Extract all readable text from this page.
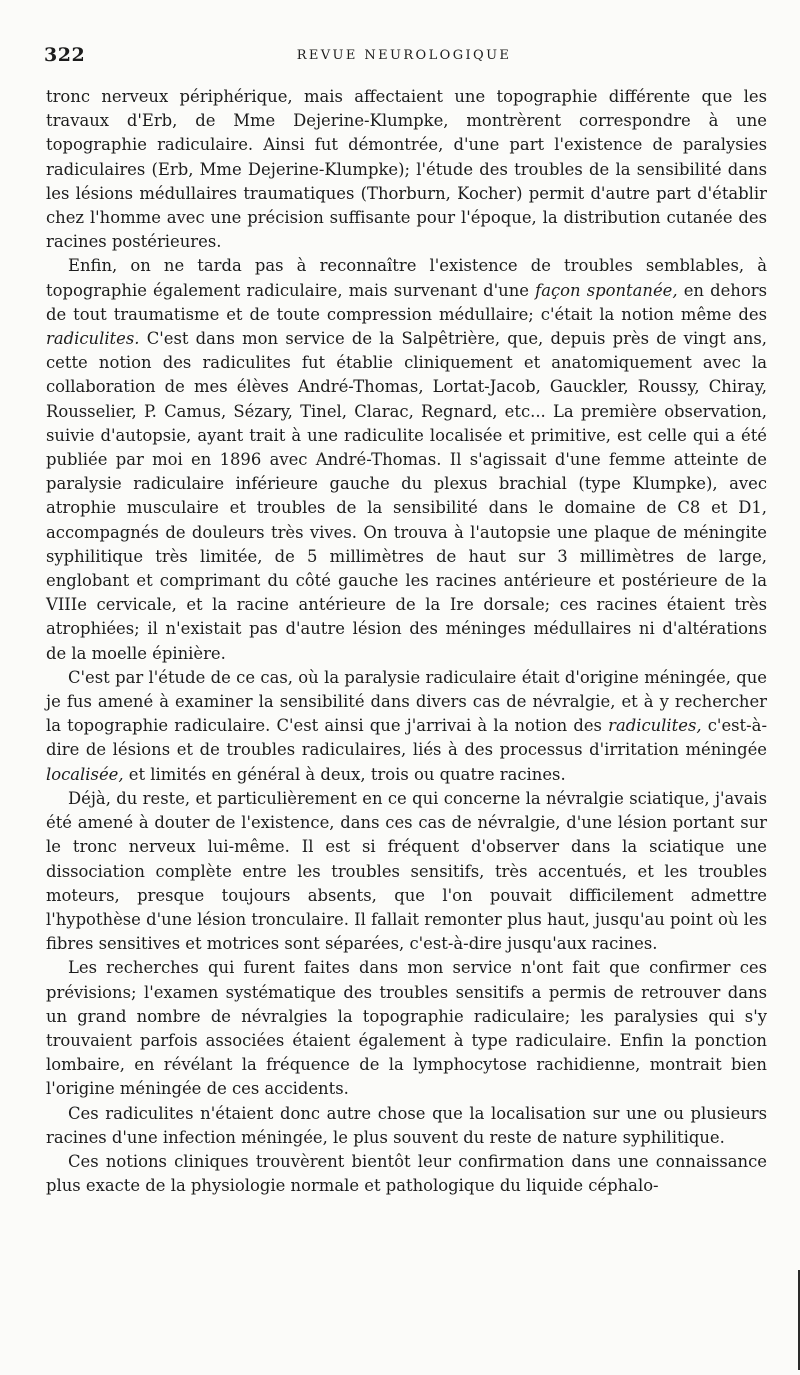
322	REVUE NEUROLOGIQUE

tronc nerveux périphérique, mais affectaient une topographie différente que les travaux d'Erb, de Mme Dejerine-Klumpke, montrèrent correspondre à une topographie radiculaire. Ainsi fut démontrée, d'une part l'existence de paralysies radiculaires (Erb, Mme Dejerine-Klumpke); l'étude des troubles de la sensibilité dans les lésions médullaires traumatiques (Thorburn, Kocher) permit d'autre part d'établir chez l'homme avec une précision suffisante pour l'époque, la distribution cutanée des racines postérieures.

Enfin, on ne tarda pas à reconnaître l'existence de troubles semblables, à topographie également radiculaire, mais survenant d'une façon spontanée, en dehors de tout traumatisme et de toute compression médullaire; c'était la notion même des radiculites. C'est dans mon service de la Salpêtrière, que, depuis près de vingt ans, cette notion des radiculites fut établie cliniquement et anatomiquement avec la collaboration de mes élèves André-Thomas, Lortat-Jacob, Gauckler, Roussy, Chiray, Rousselier, P. Camus, Sézary, Tinel, Clarac, Regnard, etc... La première observation, suivie d'autopsie, ayant trait à une radiculite localisée et primitive, est celle qui a été publiée par moi en 1896 avec André-Thomas. Il s'agissait d'une femme atteinte de paralysie radiculaire inférieure gauche du plexus brachial (type Klumpke), avec atrophie musculaire et troubles de la sensibilité dans le domaine de C8 et D1, accompagnés de douleurs très vives. On trouva à l'autopsie une plaque de méningite syphilitique très limitée, de 5 millimètres de haut sur 3 millimètres de large, englobant et comprimant du côté gauche les racines antérieure et postérieure de la VIIIe cervicale, et la racine antérieure de la Ire dorsale; ces racines étaient très atrophiées; il n'existait pas d'autre lésion des méninges médullaires ni d'altérations de la moelle épinière.

C'est par l'étude de ce cas, où la paralysie radiculaire était d'origine méningée, que je fus amené à examiner la sensibilité dans divers cas de névralgie, et à y rechercher la topographie radiculaire. C'est ainsi que j'arrivai à la notion des radiculites, c'est-à-dire de lésions et de troubles radiculaires, liés à des processus d'irritation méningée localisée, et limités en général à deux, trois ou quatre racines.

Déjà, du reste, et particulièrement en ce qui concerne la névralgie sciatique, j'avais été amené à douter de l'existence, dans ces cas de névralgie, d'une lésion portant sur le tronc nerveux lui-même. Il est si fréquent d'observer dans la sciatique une dissociation complète entre les troubles sensitifs, très accentués, et les troubles moteurs, presque toujours absents, que l'on pouvait difficilement admettre l'hypothèse d'une lésion tronculaire. Il fallait remonter plus haut, jusqu'au point où les fibres sensitives et motrices sont séparées, c'est-à-dire jusqu'aux racines.

Les recherches qui furent faites dans mon service n'ont fait que confirmer ces prévisions; l'examen systématique des troubles sensitifs a permis de retrouver dans un grand nombre de névralgies la topographie radiculaire; les paralysies qui s'y trouvaient parfois associées étaient également à type radiculaire. Enfin la ponction lombaire, en révélant la fréquence de la lymphocytose rachidienne, montrait bien l'origine méningée de ces accidents.

Ces radiculites n'étaient donc autre chose que la localisation sur une ou plusieurs racines d'une infection méningée, le plus souvent du reste de nature syphilitique.

Ces notions cliniques trouvèrent bientôt leur confirmation dans une connaissance plus exacte de la physiologie normale et pathologique du liquide céphalo-
